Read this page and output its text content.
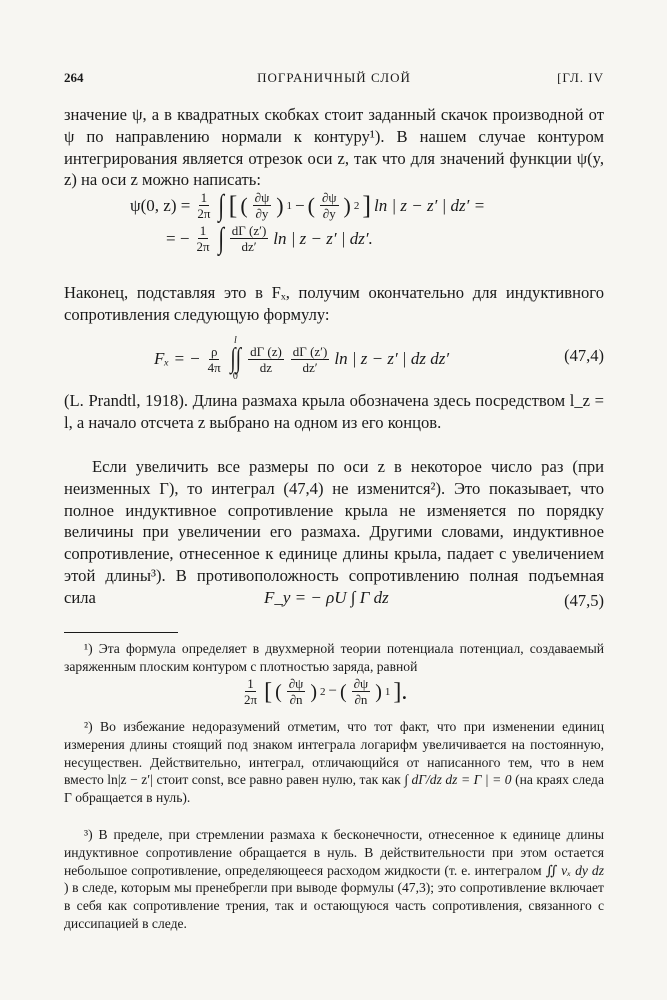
264	ПОГРАНИЧНЫЙ СЛОЙ	[ГЛ. IV

значение ψ, а в квадратных скобках стоит заданный скачок производной от ψ по направлению нормали к контуру¹). В нашем случае контуром интегрирования является отрезок оси z, так что для значений функции ψ(y, z) на оси z можно написать:

ψ(0, $z) = \frac{1}{2\pi}$ ∫ [ ( $\frac{\partial\psi}{\partial y}$ ) 1 − ( $\frac{\partial\psi}{\partial y}$ ) 2 ] ln | z − z′ | dz′ =
= − $\frac{1}{2\pi}$ ∫ $\frac{d\Gamma (z')}{dz'}$ ln | z − z′ | dz′.

Наконец, подставляя это в Fₓ, получим окончательно для индуктивного сопротивления следующую формулу:

Fₓ = − $\frac{\rho}{4\pi}$
l
∫∫
0
$\frac{d\Gamma (z)}{dz} \frac{d\Gamma (z')}{dz'}$ ln | z − z′ | dz dz′	(47,4)

(L. Prandtl, 1918). Длина размаха крыла обозначена здесь посредством l_z = l, а начало отсчета z выбрано на одном из его концов.

Если увеличить все размеры по оси z в некоторое число раз (при неизменных Γ), то интеграл (47,4) не изменится²). Это показывает, что полное индуктивное сопротивление крыла не изменяется по порядку величины при увеличении его размаха. Другими словами, индуктивное сопротивление, отнесенное к единице длины крыла, падает с увеличением этой длины³). В противоположность сопротивлению полная подъемная сила	F_y = − ρU ∫ Γ dz	(47,5)

¹) Эта формула определяет в двухмерной теории потенциала потенциал, создаваемый заряженным плоским контуром с плотностью заряда, равной

$\frac{1}{2\pi}$ [ ( $\frac{\partial\psi}{\partial n}$ ) 2 − ( $\frac{\partial\psi}{\partial n}$ ) 1 ].

²) Во избежание недоразумений отметим, что тот факт, что при изменении единиц измерения длины стоящий под знаком интеграла логарифм увеличивается на постоянную, несуществен. Действительно, интеграл, отличающийся от написанного тем, что в нем вместо ln|z − z′| стоит const, все равно равен нулю, так как ∫ dΓ/dz dz = Γ | = 0 (на краях следа Γ обращается в нуль).

³) В пределе, при стремлении размаха к бесконечности, отнесенное к единице длины индуктивное сопротивление обращается в нуль. В действительности при этом остается небольшое сопротивление, определяющееся расходом жидкости (т. е. интегралом ∬ vₓ dy dz ) в следе, которым мы пренебрегли при выводе формулы (47,3); это сопротивление включает в себя как сопротивление трения, так и остающуюся часть сопротивления, связанного с диссипацией в следе.
